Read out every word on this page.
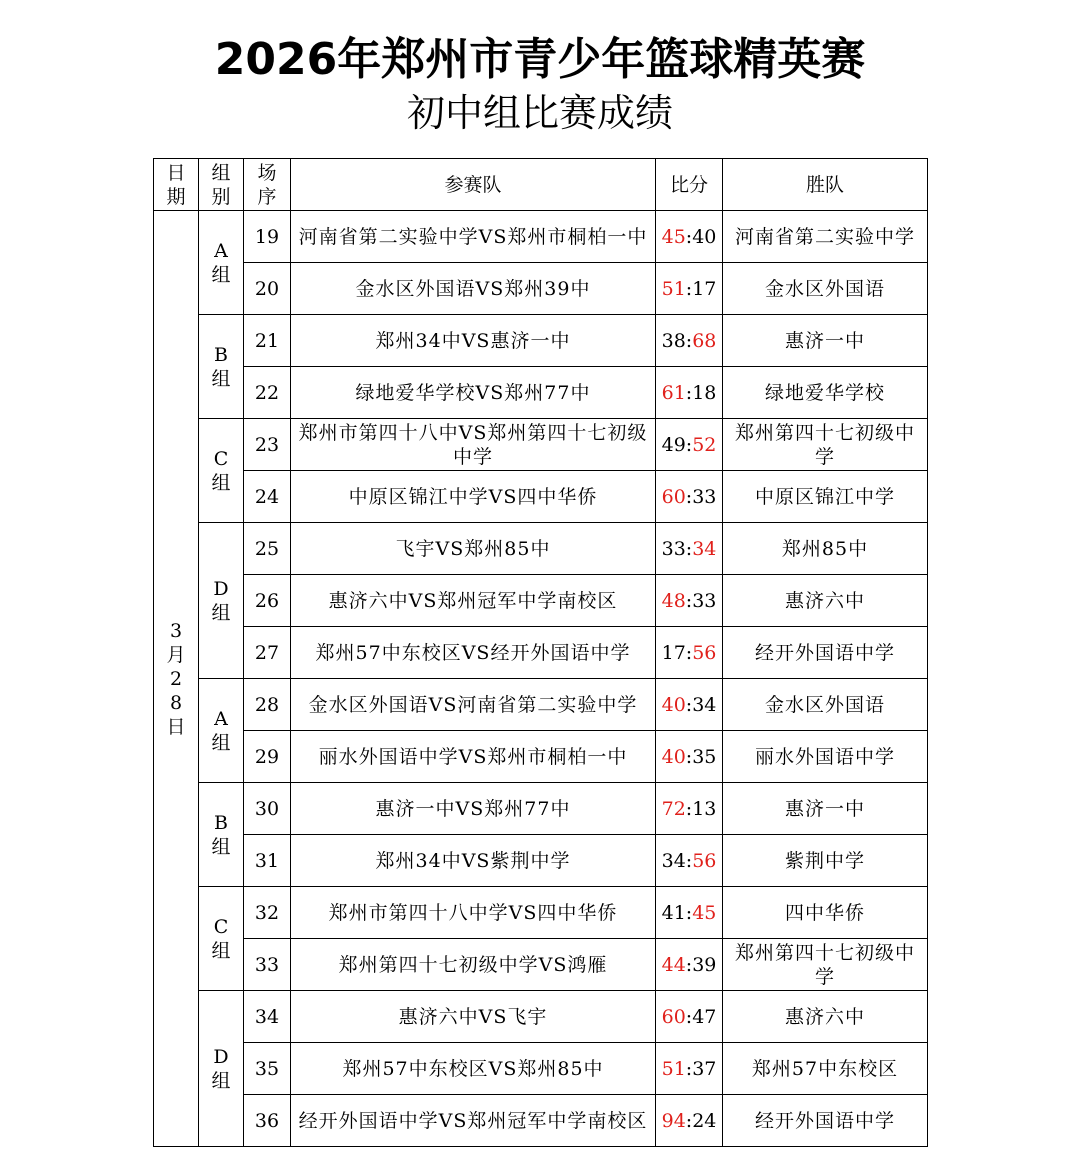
2026年郑州市青少年篮球精英赛
初中组比赛成绩
日期	组别	场序	参赛队	比分	胜队
3月28日	A组	19	河南省第二实验中学VS郑州市桐柏一中	45:40	河南省第二实验中学
		20	金水区外国语VS郑州39中	51:17	金水区外国语
	B组	21	郑州34中VS惠济一中	38:68	惠济一中
		22	绿地爱华学校VS郑州77中	61:18	绿地爱华学校
	C组	23	郑州市第四十八中VS郑州第四十七初级中学	49:52	郑州第四十七初级中学
		24	中原区锦江中学VS四中华侨	60:33	中原区锦江中学
	D组	25	飞宇VS郑州85中	33:34	郑州85中
		26	惠济六中VS郑州冠军中学南校区	48:33	惠济六中
		27	郑州57中东校区VS经开外国语中学	17:56	经开外国语中学
	A组	28	金水区外国语VS河南省第二实验中学	40:34	金水区外国语
		29	丽水外国语中学VS郑州市桐柏一中	40:35	丽水外国语中学
	B组	30	惠济一中VS郑州77中	72:13	惠济一中
		31	郑州34中VS紫荆中学	34:56	紫荆中学
	C组	32	郑州市第四十八中学VS四中华侨	41:45	四中华侨
		33	郑州第四十七初级中学VS鸿雁	44:39	郑州第四十七初级中学
	D组	34	惠济六中VS飞宇	60:47	惠济六中
		35	郑州57中东校区VS郑州85中	51:37	郑州57中东校区
		36	经开外国语中学VS郑州冠军中学南校区	94:24	经开外国语中学
